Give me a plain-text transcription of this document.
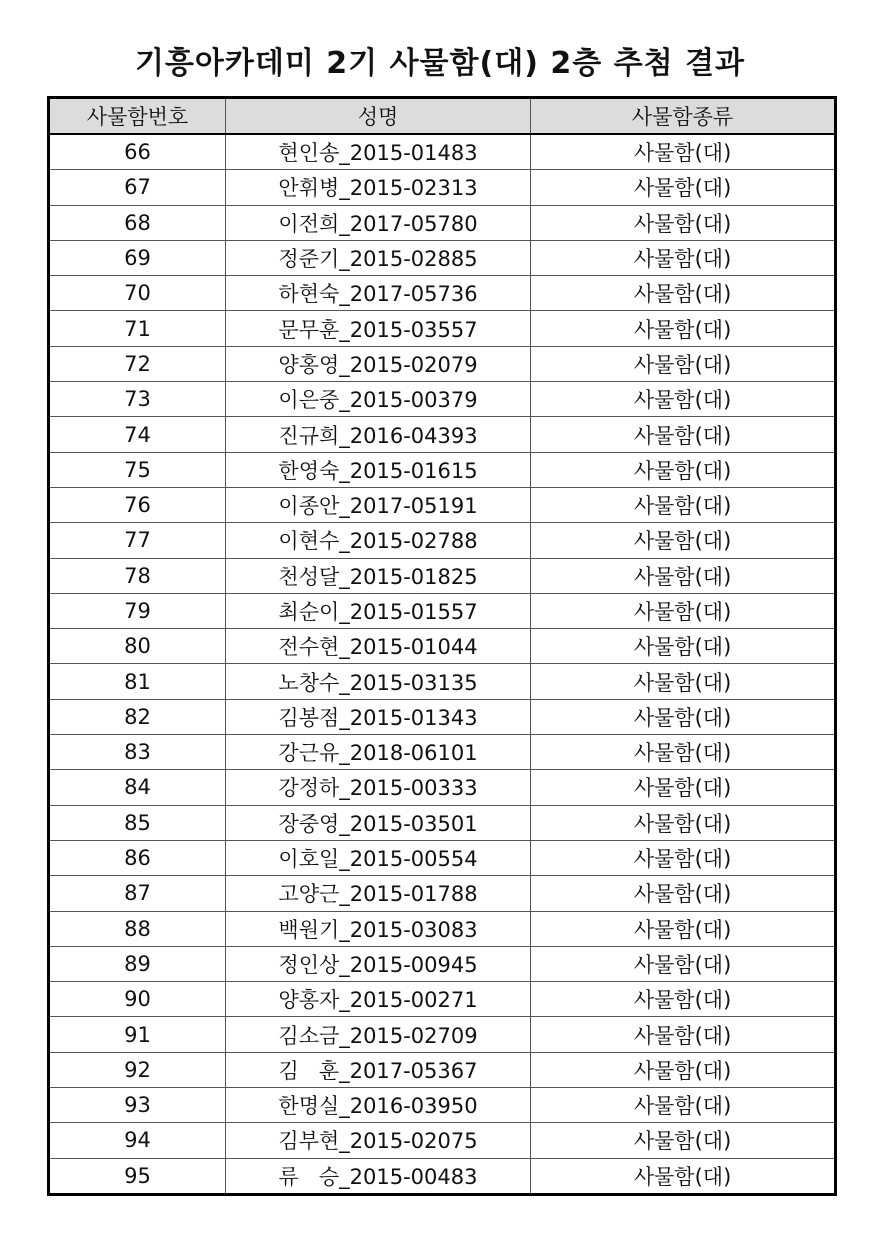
기흥아카데미 2기 사물함(대) 2층 추첨 결과
사물함번호	성명	사물함종류
66	현인송_2015-01483	사물함(대)
67	안휘병_2015-02313	사물함(대)
68	이전희_2017-05780	사물함(대)
69	정준기_2015-02885	사물함(대)
70	하현숙_2017-05736	사물함(대)
71	문무훈_2015-03557	사물함(대)
72	양홍영_2015-02079	사물함(대)
73	이은중_2015-00379	사물함(대)
74	진규희_2016-04393	사물함(대)
75	한영숙_2015-01615	사물함(대)
76	이종안_2017-05191	사물함(대)
77	이현수_2015-02788	사물함(대)
78	천성달_2015-01825	사물함(대)
79	최순이_2015-01557	사물함(대)
80	전수현_2015-01044	사물함(대)
81	노창수_2015-03135	사물함(대)
82	김봉점_2015-01343	사물함(대)
83	강근유_2018-06101	사물함(대)
84	강정하_2015-00333	사물함(대)
85	장중영_2015-03501	사물함(대)
86	이호일_2015-00554	사물함(대)
87	고양근_2015-01788	사물함(대)
88	백원기_2015-03083	사물함(대)
89	정인상_2015-00945	사물함(대)
90	양홍자_2015-00271	사물함(대)
91	김소금_2015-02709	사물함(대)
92	김   훈_2017-05367	사물함(대)
93	한명실_2016-03950	사물함(대)
94	김부현_2015-02075	사물함(대)
95	류   승_2015-00483	사물함(대)
